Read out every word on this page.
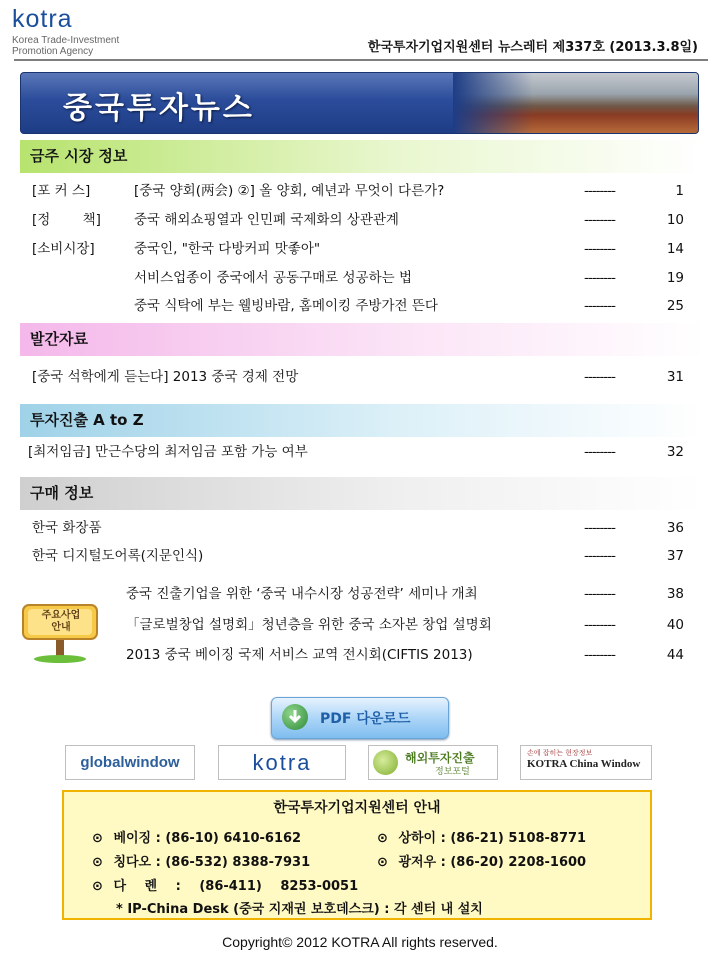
kotra
Korea Trade-Investment
Promotion Agency	한국투자기업지원센터 뉴스레터 제337호 (2013.3.8일)
중국투자뉴스
금주 시장 정보
[포 커 스]	[중국 양회(两会) ②] 올 양회, 예년과 무엇이 다른가?	--------	1
[정 책] 중국 해외쇼핑열과 인민폐 국제화의 상관관계	--------	10
[소비시장]	중국인, "한국 다방커피 맛좋아"	--------	14
서비스업종이 중국에서 공동구매로 성공하는 법	--------	19
중국 식탁에 부는 웰빙바람, 홈메이킹 주방가전 뜬다	--------	25
발간자료
[중국 석학에게 듣는다] 2013 중국 경제 전망	--------	31
투자진출 A to Z
[최저임금] 만근수당의 최저임금 포함 가능 여부	--------	32
구매 정보
한국 화장품	--------	36
한국 디지털도어록(지문인식)	--------	37
주요사업
안내
중국 진출기업을 위한 ‘중국 내수시장 성공전략’ 세미나 개최	--------	38
「글로벌창업 설명회」청년층을 위한 중국 소자본 창업 설명회	--------	40
2013 중국 베이징 국제 서비스 교역 전시회(CIFTIS 2013)	--------	44
PDF 다운로드
globalwindow	kotra	해외투자진출
정보포털
손에 잡히는 현장정보
KOTRA China Window
한국투자기업지원센터 안내
⊙ 베이징 : (86-10) 6410-6162	⊙ 상하이 : (86-21) 5108-8771
⊙ 칭다오 : (86-532) 8388-7931	⊙ 광저우 : (86-20) 2208-1600
⊙ 다 롄 : (86-411) 8253-0051
* IP-China Desk (중국 지재권 보호데스크) : 각 센터 내 설치
Copyright© 2012 KOTRA All rights reserved.
